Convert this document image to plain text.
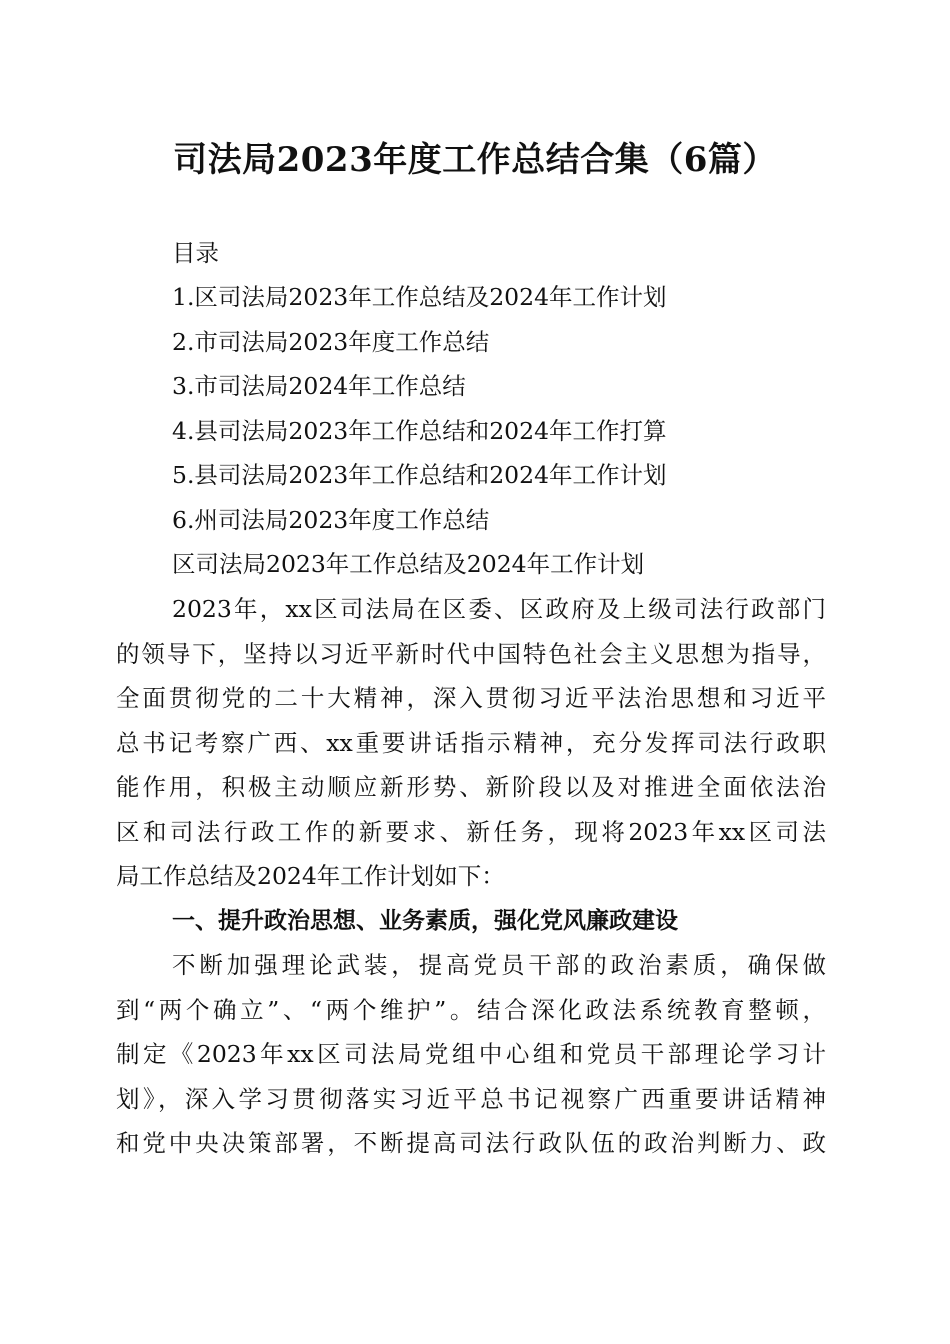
司法局2023年度工作总结合集（6篇）
目录
1.区司法局2023年工作总结及2024年工作计划
2.市司法局2023年度工作总结
3.市司法局2024年工作总结
4.县司法局2023年工作总结和2024年工作打算
5.县司法局2023年工作总结和2024年工作计划
6.州司法局2023年度工作总结
区司法局2023年工作总结及2024年工作计划
2023年，xx区司法局在区委、区政府及上级司法行政部门
的领导下，坚持以习近平新时代中国特色社会主义思想为指导，
全面贯彻党的二十大精神，深入贯彻习近平法治思想和习近平
总书记考察广西、xx重要讲话指示精神，充分发挥司法行政职
能作用，积极主动顺应新形势、新阶段以及对推进全面依法治
区和司法行政工作的新要求、新任务，现将2023年xx区司法
局工作总结及2024年工作计划如下：
一、提升政治思想、业务素质，强化党风廉政建设
不断加强理论武装，提高党员干部的政治素质，确保做
到“两个确立”、“两个维护”。结合深化政法系统教育整顿，
制定《2023年xx区司法局党组中心组和党员干部理论学习计
划》，深入学习贯彻落实习近平总书记视察广西重要讲话精神
和党中央决策部署，不断提高司法行政队伍的政治判断力、政
